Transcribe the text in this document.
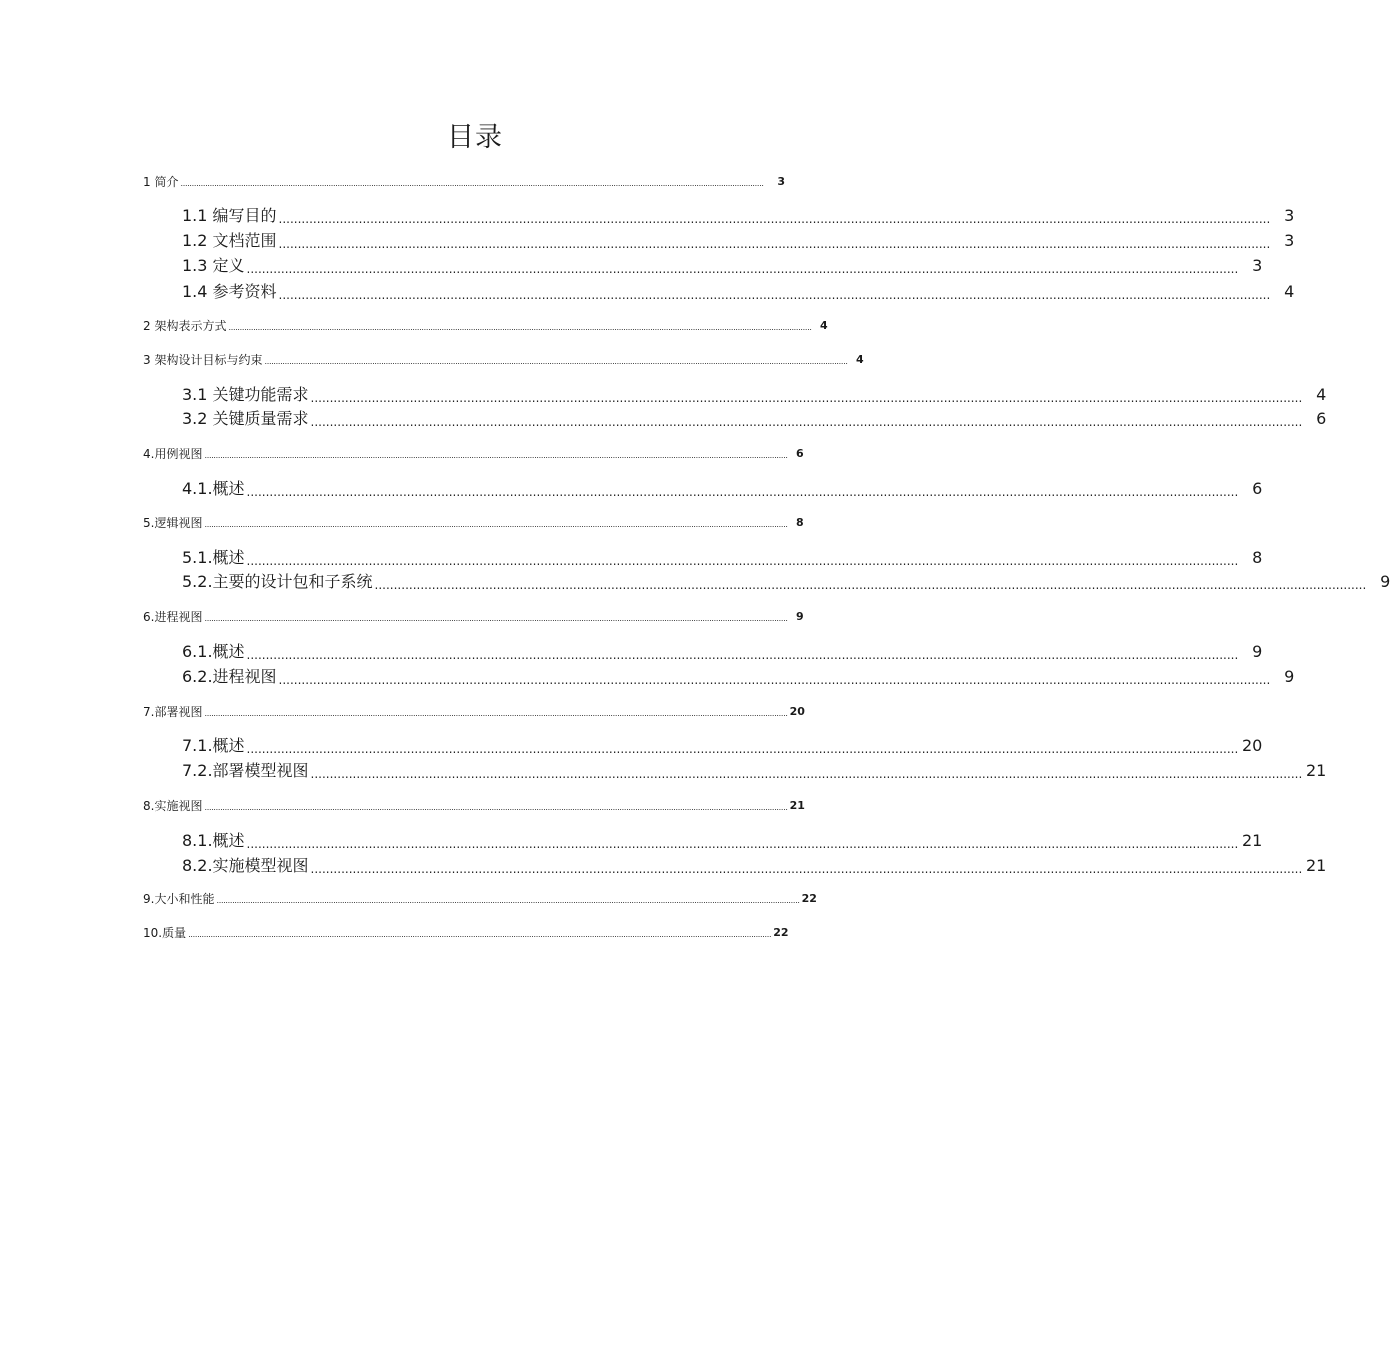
目录
1 简介 ....................................................................................................................................................................................................................................................................	3
1.1 编写目的 .................................................................................................................................................................................................................................................................... 3
1.2 文档范围 .................................................................................................................................................................................................................................................................... 3
1.3 定义 .................................................................................................................................................................................................................................................................... 3
1.4 参考资料 .................................................................................................................................................................................................................................................................... 4
2 架构表示方式 .................................................................................................................................................................................................................................................................... 4
3 架构设计目标与约束 .................................................................................................................................................................................................................................................................... 4
3.1 关键功能需求 .................................................................................................................................................................................................................................................................... 4
3.2 关键质量需求 .................................................................................................................................................................................................................................................................... 6
4.用例视图 .................................................................................................................................................................................................................................................................... 6
4.1.概述 .................................................................................................................................................................................................................................................................... 6
5.逻辑视图 .................................................................................................................................................................................................................................................................... 8
5.1.概述 .................................................................................................................................................................................................................................................................... 8
5.2.主要的设计包和子系统 .................................................................................................................................................................................................................................................................... 9
6.进程视图 .................................................................................................................................................................................................................................................................... 9
6.1.概述 .................................................................................................................................................................................................................................................................... 9
6.2.进程视图 .................................................................................................................................................................................................................................................................... 9
7.部署视图 .................................................................................................................................................................................................................................................................... 20
7.1.概述 .................................................................................................................................................................................................................................................................... 20
7.2.部署模型视图 .................................................................................................................................................................................................................................................................... 21
8.实施视图 .................................................................................................................................................................................................................................................................... 21
8.1.概述 .................................................................................................................................................................................................................................................................... 21
8.2.实施模型视图 .................................................................................................................................................................................................................................................................... 21
9.大小和性能 .................................................................................................................................................................................................................................................................... 22
10.质量 .................................................................................................................................................................................................................................................................... 22
